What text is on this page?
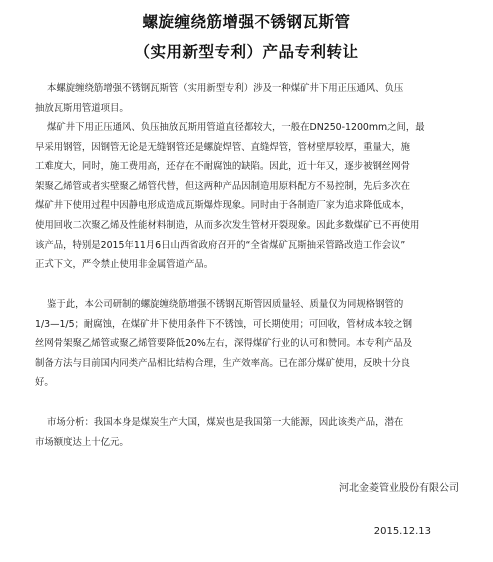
螺旋缠绕筋增强不锈钢瓦斯管
（实用新型专利）产品专利转让
本螺旋缠绕筋增强不锈钢瓦斯管（实用新型专利）涉及一种煤矿井下用正压通风、负压
抽放瓦斯用管道项目。
煤矿井下用正压通风、负压抽放瓦斯用管道直径都较大，一般在DN250-1200mm之间，最
早采用钢管，因钢管无论是无缝钢管还是螺旋焊管、直缝焊管，管材壁厚较厚，重量大，施
工难度大，同时，施工费用高，还存在不耐腐蚀的缺陷。因此，近十年又，逐步被钢丝网骨
架聚乙烯管或者实壁聚乙烯管代替，但这两种产品因制造用原料配方不易控制，先后多次在
煤矿井下使用过程中因静电形成造成瓦斯爆炸现象。同时由于各制造厂家为追求降低成本，
使用回收二次聚乙烯及性能材料制造，从而多次发生管材开裂现象。因此多数煤矿已不再使用
该产品，特别是2015年11月6日山西省政府召开的“全省煤矿瓦斯抽采管路改造工作会议”
正式下文，严令禁止使用非金属管道产品。
鉴于此，本公司研制的螺旋缠绕筋增强不锈钢瓦斯管因质量轻、质量仅为同规格钢管的
1/3—1/5；耐腐蚀，在煤矿井下使用条件下不锈蚀，可长期使用；可回收，管材成本较之钢
丝网骨架聚乙烯管或聚乙烯管要降低20%左右，深得煤矿行业的认可和赞同。本专利产品及
制备方法与目前国内同类产品相比结构合理，生产效率高。已在部分煤矿使用，反映十分良
好。
市场分析：我国本身是煤炭生产大国，煤炭也是我国第一大能源，因此该类产品，潜在
市场额度达上十亿元。
河北金菱管业股份有限公司
2015.12.13
